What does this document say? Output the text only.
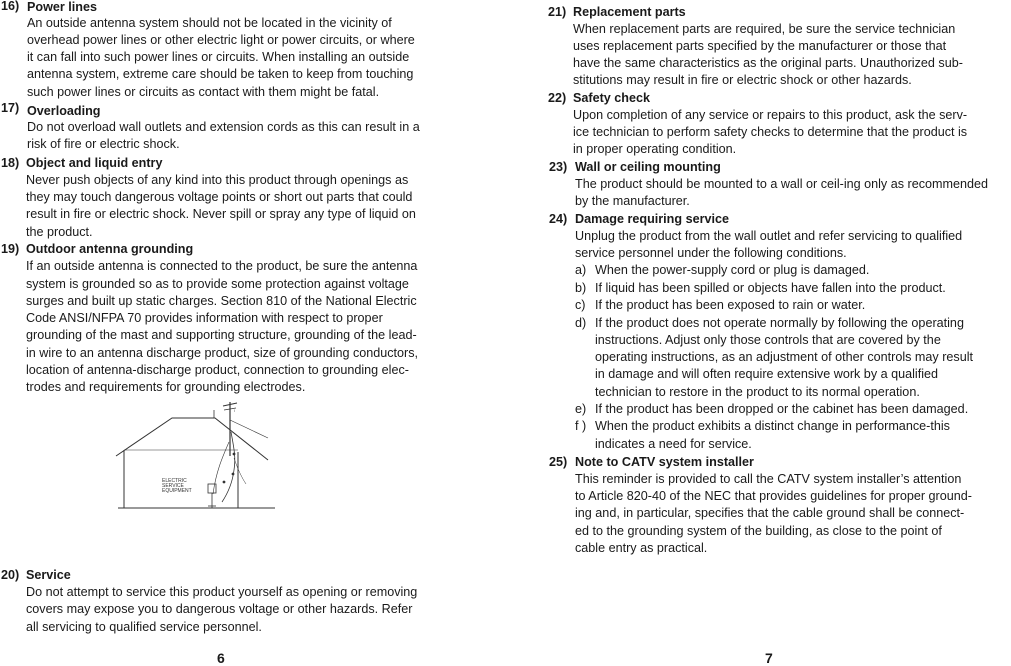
16) Power lines
An outside antenna system should not be located in the vicinity of
overhead power lines or other electric light or power circuits, or where
it can fall into such power lines or circuits. When installing an outside
antenna system, extreme care should be taken to keep from touching
such power lines or circuits as contact with them might be fatal.
17) Overloading
Do not overload wall outlets and extension cords as this can result in a
risk of fire or electric shock.
18) Object and liquid entry
Never push objects of any kind into this product through openings as
they may touch dangerous voltage points or short out parts that could
result in fire or electric shock. Never spill or spray any type of liquid on
the product.
19) Outdoor antenna grounding
If an outside antenna is connected to the product, be sure the antenna
system is grounded so as to provide some protection against voltage
surges and built up static charges. Section 810 of the National Electric
Code ANSI/NFPA 70 provides information with respect to proper
grounding of the mast and supporting structure, grounding of the lead-
in wire to an antenna discharge product, size of grounding conductors,
location of antenna-discharge product, connection to grounding elec-
trodes and requirements for grounding electrodes.
I
ELECTRIC
SERVICE
EQUIPMENT
20) Service
Do not attempt to service this product yourself as opening or removing
covers may expose you to dangerous voltage or other hazards. Refer
all servicing to qualified service personnel.
6
21) Replacement parts
When replacement parts are required, be sure the service technician
uses replacement parts specified by the manufacturer or those that
have the same characteristics as the original parts. Unauthorized sub-
stitutions may result in fire or electric shock or other hazards.
22) Safety check
Upon completion of any service or repairs to this product, ask the serv-
ice technician to perform safety checks to determine that the product is
in proper operating condition.
23) Wall or ceiling mounting
The product should be mounted to a wall or ceil-ing only as recommended
by the manufacturer.
24) Damage requiring service
Unplug the product from the wall outlet and refer servicing to qualified
service personnel under the following conditions.
a) When the power-supply cord or plug is damaged.
b) If liquid has been spilled or objects have fallen into the product.
c) If the product has been exposed to rain or water.
d) If the product does not operate normally by following the operating
instructions. Adjust only those controls that are covered by the
operating instructions, as an adjustment of other controls may result
in damage and will often require extensive work by a qualified
technician to restore in the product to its normal operation.
e) If the product has been dropped or the cabinet has been damaged.
f ) When the product exhibits a distinct change in performance-this
indicates a need for service.
25) Note to CATV system installer
This reminder is provided to call the CATV system installer’s attention
to Article 820-40 of the NEC that provides guidelines for proper ground-
ing and, in particular, specifies that the cable ground shall be connect-
ed to the grounding system of the building, as close to the point of
cable entry as practical.
7
